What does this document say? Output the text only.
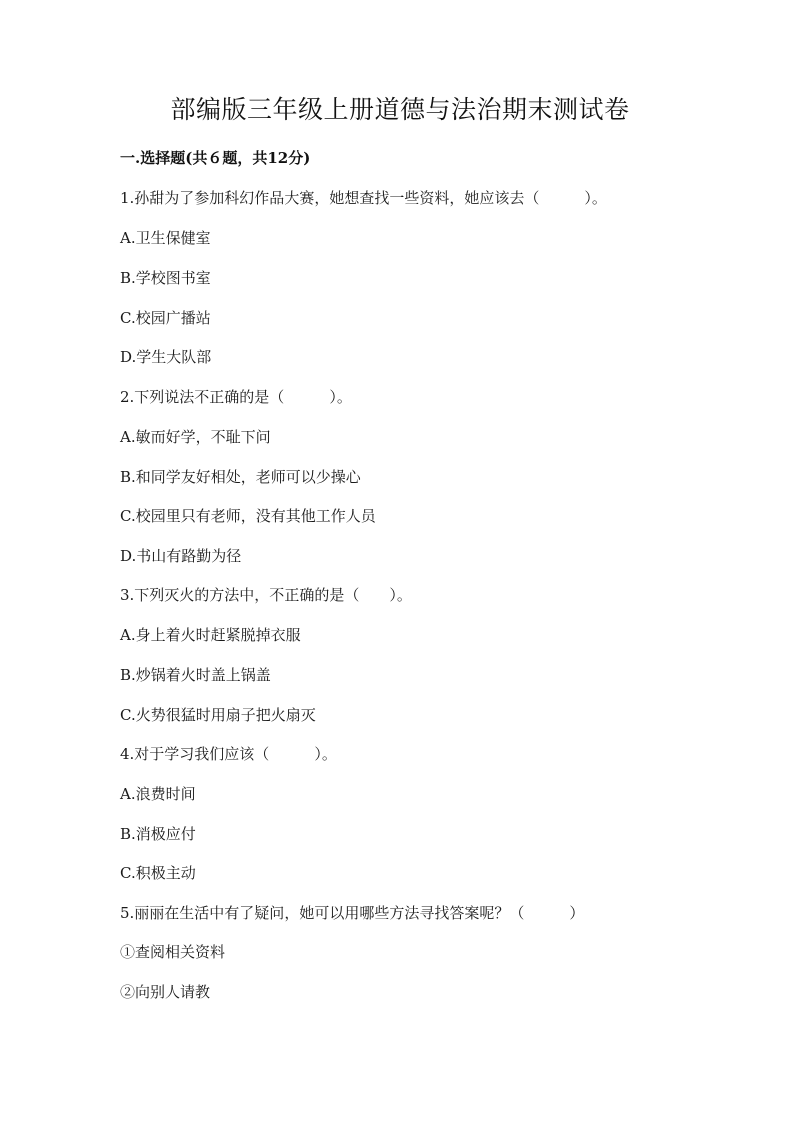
部编版三年级上册道德与法治期末测试卷
一.选择题(共６题，共12分)
1.孙甜为了参加科幻作品大赛，她想查找一些资料，她应该去（　　　）。
A.卫生保健室
B.学校图书室
C.校园广播站
D.学生大队部
2.下列说法不正确的是（　　　）。
A.敏而好学，不耻下问
B.和同学友好相处，老师可以少操心
C.校园里只有老师，没有其他工作人员
D.书山有路勤为径
3.下列灭火的方法中，不正确的是（　　）。
A.身上着火时赶紧脱掉衣服
B.炒锅着火时盖上锅盖
C.火势很猛时用扇子把火扇灭
4.对于学习我们应该（　　　）。
A.浪费时间
B.消极应付
C.积极主动
5.丽丽在生活中有了疑问，她可以用哪些方法寻找答案呢？（　　　）
①查阅相关资料
②向别人请教
